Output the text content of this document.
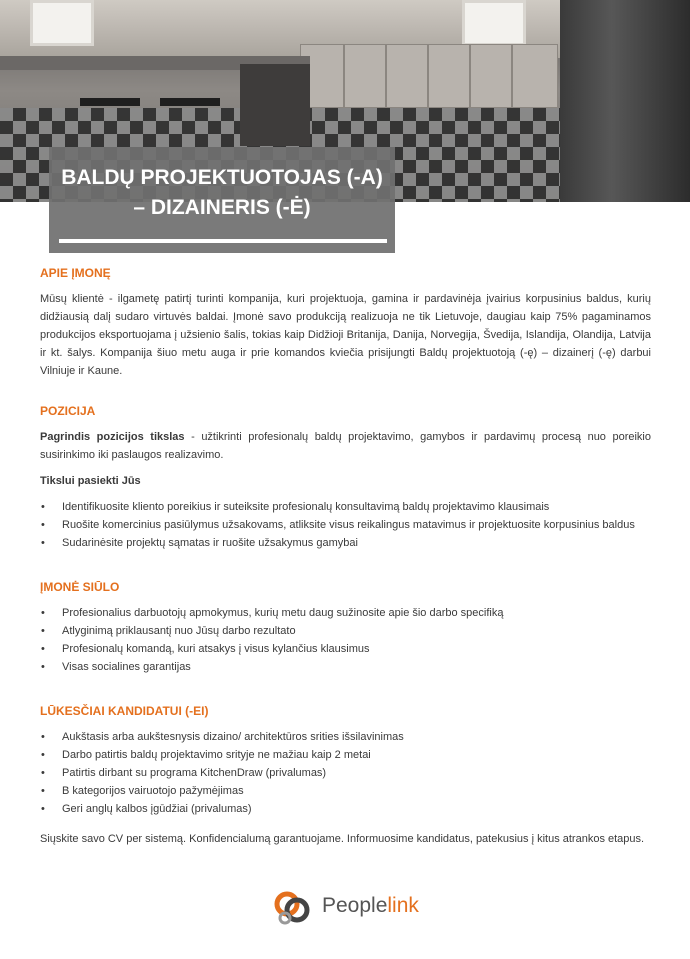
BALDŲ PROJEKTUOTOJAS (-A) – DIZAINERIS (-Ė)
APIE ĮMONĘ

Mūsų klientė - ilgametę patirtį turinti kompanija, kuri projektuoja, gamina ir pardavinėja įvairius korpusinius baldus, kurių didžiausią dalį sudaro virtuvės baldai. Įmonė savo produkciją realizuoja ne tik Lietuvoje, daugiau kaip 75% pagaminamos produkcijos eksportuojama į užsienio šalis, tokias kaip Didžioji Britanija, Danija, Norvegija, Švedija, Islandija, Olandija, Latvija ir kt. šalys. Kompanija šiuo metu auga ir prie komandos kviečia prisijungti Baldų projektuotoją (-ę) – dizainerį (-ę) darbui Vilniuje ir Kaune.

POZICIJA

Pagrindis pozicijos tikslas - užtikrinti profesionalų baldų projektavimo, gamybos ir pardavimų procesą nuo poreikio susirinkimo iki paslaugos realizavimo.

Tikslui pasiekti Jūs

• Identifikuosite kliento poreikius ir suteiksite profesionalų konsultavimą baldų projektavimo klausimais
• Ruošite komercinius pasiūlymus užsakovams, atliksite visus reikalingus matavimus ir projektuosite korpusinius baldus
• Sudarinėsite projektų sąmatas ir ruošite užsakymus gamybai
ĮMONĖ SIŪLO
• Profesionalius darbuotojų apmokymus, kurių metu daug sužinosite apie šio darbo specifiką
• Atlyginimą priklausantį nuo Jūsų darbo rezultato
• Profesionalų komandą, kuri atsakys į visus kylančius klausimus
• Visas socialines garantijas
LŪKESČIAI KANDIDATUI (-EI)
• Aukštasis arba aukštesnysis dizaino/ architektūros srities išsilavinimas
• Darbo patirtis baldų projektavimo srityje ne mažiau kaip 2 metai
• Patirtis dirbant su programa KitchenDraw (privalumas)
• B kategorijos vairuotojo pažymėjimas
• Geri anglų kalbos įgūdžiai (privalumas)

Siųskite savo CV per sistemą. Konfidencialumą garantuojame. Informuosime kandidatus, patekusius į kitus atrankos etapus.

Peoplelink
